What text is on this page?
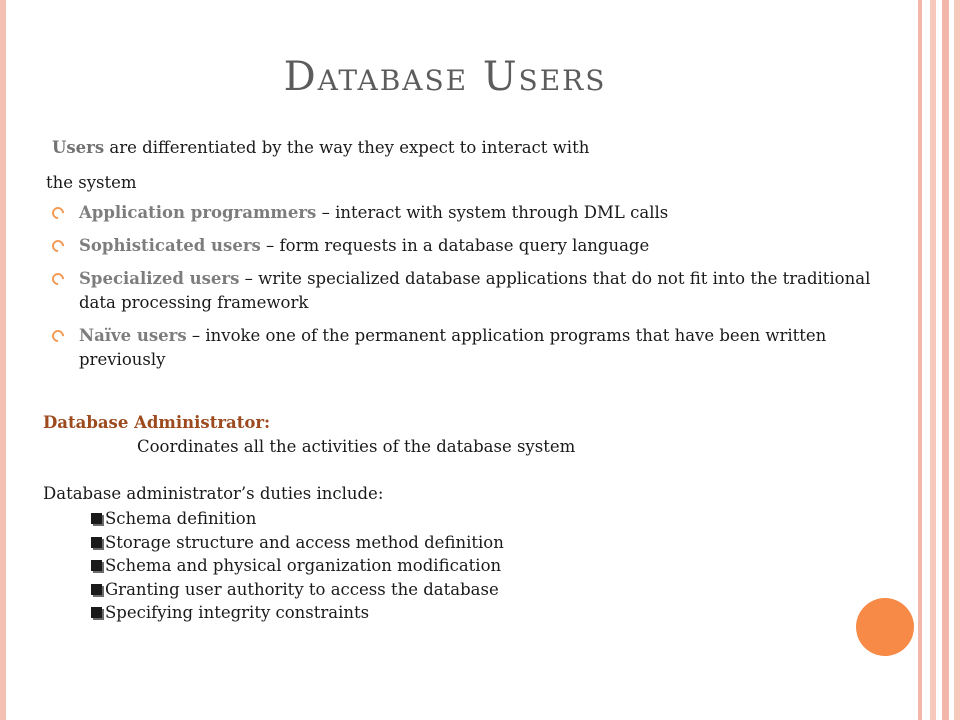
Database Users
Users are differentiated by the way they expect to interact with
the system
Application programmers – interact with system through DML calls
Sophisticated users – form requests in a database query language
Specialized users – write specialized database applications that do not fit into the traditional data processing framework
Naïve users – invoke one of the permanent application programs that have been written previously
Database Administrator:
Coordinates all the activities of the database system
Database administrator’s duties include:
Schema definition
Storage structure and access method definition
Schema and physical organization modification
Granting user authority to access the database
Specifying integrity constraints
